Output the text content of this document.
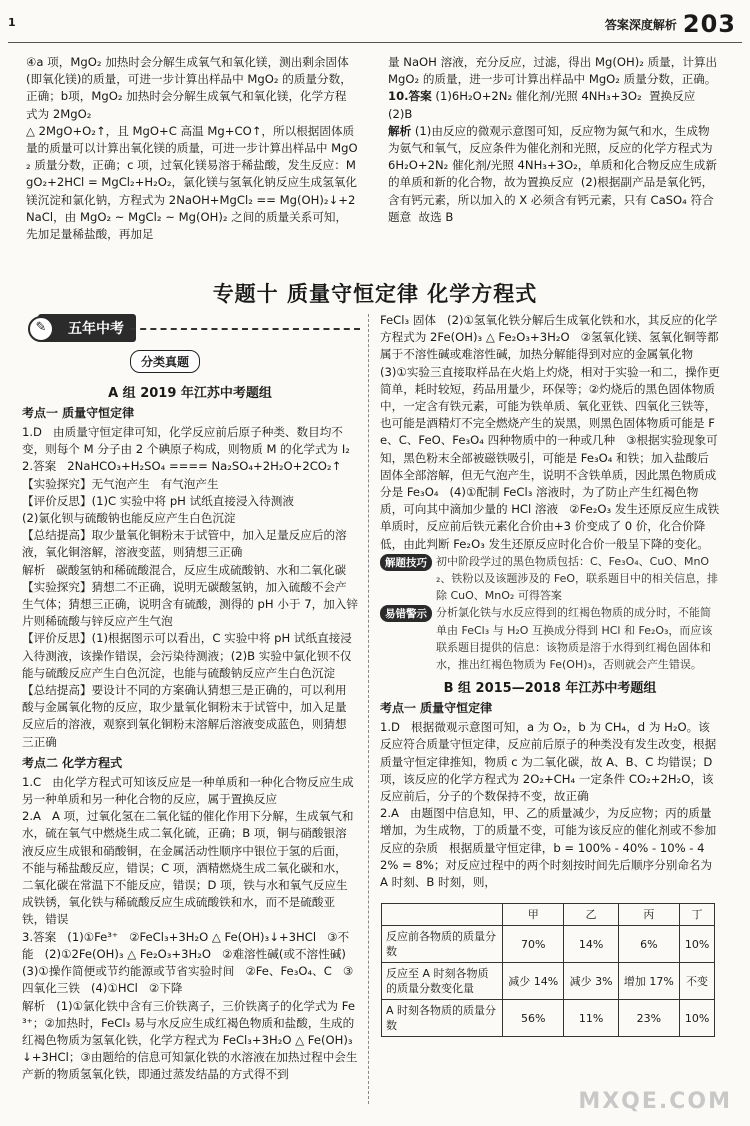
1	答案深度解析 203

④a 项，MgO₂ 加热时会分解生成氧气和氧化镁，测出剩余固体(即氧化镁)的质量，可进一步计算出样品中 MgO₂ 的质量分数，正确；b项，MgO₂ 加热时会分解生成氧气和氧化镁，化学方程式为 2MgO₂

△ 2MgO+O₂↑，且 MgO+C 高温 Mg+CO↑，所以根据固体质量的质量可以计算出氧化镁的质量，可进一步计算出样品中 MgO₂ 质量分数，正确；c 项，过氧化镁易溶于稀盐酸，发生反应：MgO₂+2HCl = MgCl₂+H₂O₂，氯化镁与氢氧化钠反应生成氢氧化镁沉淀和氯化钠，方程式为 2NaOH+MgCl₂ == Mg(OH)₂↓+2NaCl，由 MgO₂ ~ MgCl₂ ~ Mg(OH)₂ 之间的质量关系可知，先加足量稀盐酸，再加足

量 NaOH 溶液，充分反应，过滤，得出 Mg(OH)₂ 质量，计算出 MgO₂ 的质量，进一步可计算出样品中 MgO₂ 质量分数，正确。

10.答案 (1)6H₂O+2N₂ 催化剂/光照 4NH₃+3O₂  置换反应  (2)B

解析 (1)由反应的微观示意图可知，反应物为氮气和水，生成物为氨气和氧气，反应条件为催化剂和光照，反应的化学方程式为 6H₂O+2N₂ 催化剂/光照 4NH₃+3O₂，单质和化合物反应生成新的单质和新的化合物，故为置换反应  (2)根据副产品是氧化钙，含有钙元素，所以加入的 X 必须含有钙元素，只有 CaSO₄ 符合题意  故选 B

专题十 质量守恒定律 化学方程式
✎	五年中考
分类真题
A 组 2019 年江苏中考题组
考点一 质量守恒定律

1.D   由质量守恒定律可知，化学反应前后原子种类、数目均不变，则每个 M 分子由 2 个碘原子构成，则物质 M 的化学式为 I₂

2.答案   2NaHCO₃+H₂SO₄ ==== Na₂SO₄+2H₂O+2CO₂↑
【实验探究】无气泡产生   有气泡产生
【评价反思】(1)C 实验中将 pH 试纸直接浸入待测液
(2)氯化钡与硫酸钠也能反应产生白色沉淀
【总结提高】取少量氧化铜粉末于试管中，加入足量反应后的溶液，氧化铜溶解，溶液变蓝，则猜想三正确

解析   碳酸氢钠和稀硫酸混合，反应生成硫酸钠、水和二氧化碳
【实验探究】猜想二不正确，说明无碳酸氢钠，加入硫酸不会产生气体；猜想三正确，说明含有硫酸，测得的 pH 小于 7，加入锌片则稀硫酸与锌反应产生气泡
【评价反思】(1)根据图示可以看出，C 实验中将 pH 试纸直接浸入待测液，该操作错误，会污染待测液；(2)B 实验中氯化钡不仅能与硫酸反应产生白色沉淀，也能与硫酸钠反应产生白色沉淀
【总结提高】要设计不同的方案确认猜想三是正确的，可以利用酸与金属氧化物的反应，取少量氧化铜粉末于试管中，加入足量反应后的溶液，观察到氧化铜粉末溶解后溶液变成蓝色，则猜想三正确

考点二 化学方程式

1.C   由化学方程式可知该反应是一种单质和一种化合物反应生成另一种单质和另一种化合物的反应，属于置换反应
2.A   A 项，过氧化氢在二氧化锰的催化作用下分解，生成氧气和水，硫在氧气中燃烧生成二氧化硫，正确；B 项，铜与硝酸银溶液反应生成银和硝酸铜，在金属活动性顺序中银位于氢的后面，不能与稀盐酸反应，错误；C 项，酒精燃烧生成二氧化碳和水，二氧化碳在常温下不能反应，错误；D 项，铁与水和氧气反应生成铁锈，氧化铁与稀硫酸反应生成硫酸铁和水，而不是硫酸亚铁，错误

3.答案   (1)①Fe³⁺   ②FeCl₃+3H₂O △ Fe(OH)₃↓+3HCl   ③不能   (2)①2Fe(OH)₃ △ Fe₂O₃+3H₂O   ②难溶性碱(或不溶性碱)
(3)①操作简便或节约能源或节省实验时间   ②Fe、Fe₃O₄、C   ③四氧化三铁   (4)①HCl   ②下降

解析   (1)①氯化铁中含有三价铁离子，三价铁离子的化学式为 Fe³⁺；②加热时，FeCl₃ 易与水反应生成红褐色物质和盐酸，生成的红褐色物质为氢氧化铁，化学方程式为 FeCl₃+3H₂O △ Fe(OH)₃↓+3HCl；③由题给的信息可知氯化铁的水溶液在加热过程中会生产新的物质氢氧化铁，即通过蒸发结晶的方式得不到

FeCl₃ 固体   (2)①氢氧化铁分解后生成氧化铁和水，其反应的化学方程式为 2Fe(OH)₃ △ Fe₂O₃+3H₂O   ②氢氧化镁、氢氧化铜等都属于不溶性碱或难溶性碱，加热分解能得到对应的金属氧化物   (3)①实验三直接取样品在火焰上灼烧，相对于实验一和二，操作更简单，耗时较短，药品用量少，环保等；②灼烧后的黑色固体物质中，一定含有铁元素，可能为铁单质、氧化亚铁、四氧化三铁等，也可能是酒精灯不完全燃烧产生的炭黑，则黑色固体物质可能是 Fe、C、FeO、Fe₃O₄ 四种物质中的一种或几种   ③根据实验现象可知，黑色粉末全部被磁铁吸引，可能是 Fe₃O₄ 和铁；加入盐酸后固体全部溶解，但无气泡产生，说明不含铁单质，因此黑色物质成分是 Fe₃O₄   (4)①配制 FeCl₃ 溶液时，为了防止产生红褐色物质，可向其中滴加少量的 HCl 溶液   ②Fe₂O₃ 发生还原反应生成铁单质时，反应前后铁元素化合价由+3 价变成了 0 价，化合价降低，由此判断 Fe₂O₃ 发生还原反应时化合价一般呈下降的变化。

解题技巧 初中阶段学过的黑色物质包括：C、Fe₃O₄、CuO、MnO₂、铁粉以及该题涉及的 FeO，联系题目中的相关信息，排除 CuO、MnO₂ 可得答案

易错警示 分析氯化铁与水反应得到的红褐色物质的成分时，不能简单由 FeCl₃ 与 H₂O 互换成分得到 HCl 和 Fe₂O₃，而应该联系题目提供的信息：该物质是溶于水得到红褐色固体和水，推出红褐色物质为 Fe(OH)₃，否则就会产生错误。

B 组 2015—2018 年江苏中考题组
考点一 质量守恒定律

1.D   根据微观示意图可知，a 为 O₂，b 为 CH₄，d 为 H₂O。该反应符合质量守恒定律，反应前后原子的种类没有发生改变，根据质量守恒定律推知，物质 c 为二氧化碳，故 A、B、C 均错误；D 项，该反应的化学方程式为 2O₂+CH₄ 一定条件 CO₂+2H₂O，该反应前后，分子的个数保持不变，故正确

2.A   由题图中信息知，甲、乙的质量减少，为反应物；丙的质量增加，为生成物，丁的质量不变，可能为该反应的催化剂或不参加反应的杂质   根据质量守恒定律，b = 100% - 40% - 10% - 42% = 8%；对反应过程中的两个时刻按时间先后顺序分别命名为 A 时刻、B 时刻，则，

	甲	乙	丙	丁
反应前各物质的质量分数	70%	14%	6%	10%
反应至 A 时刻各物质的质量分数变化量	减少 14%	减少 3%	增加 17%	不变
A 时刻各物质的质量分数	56%	11%	23%	10%
MXQE.COM
